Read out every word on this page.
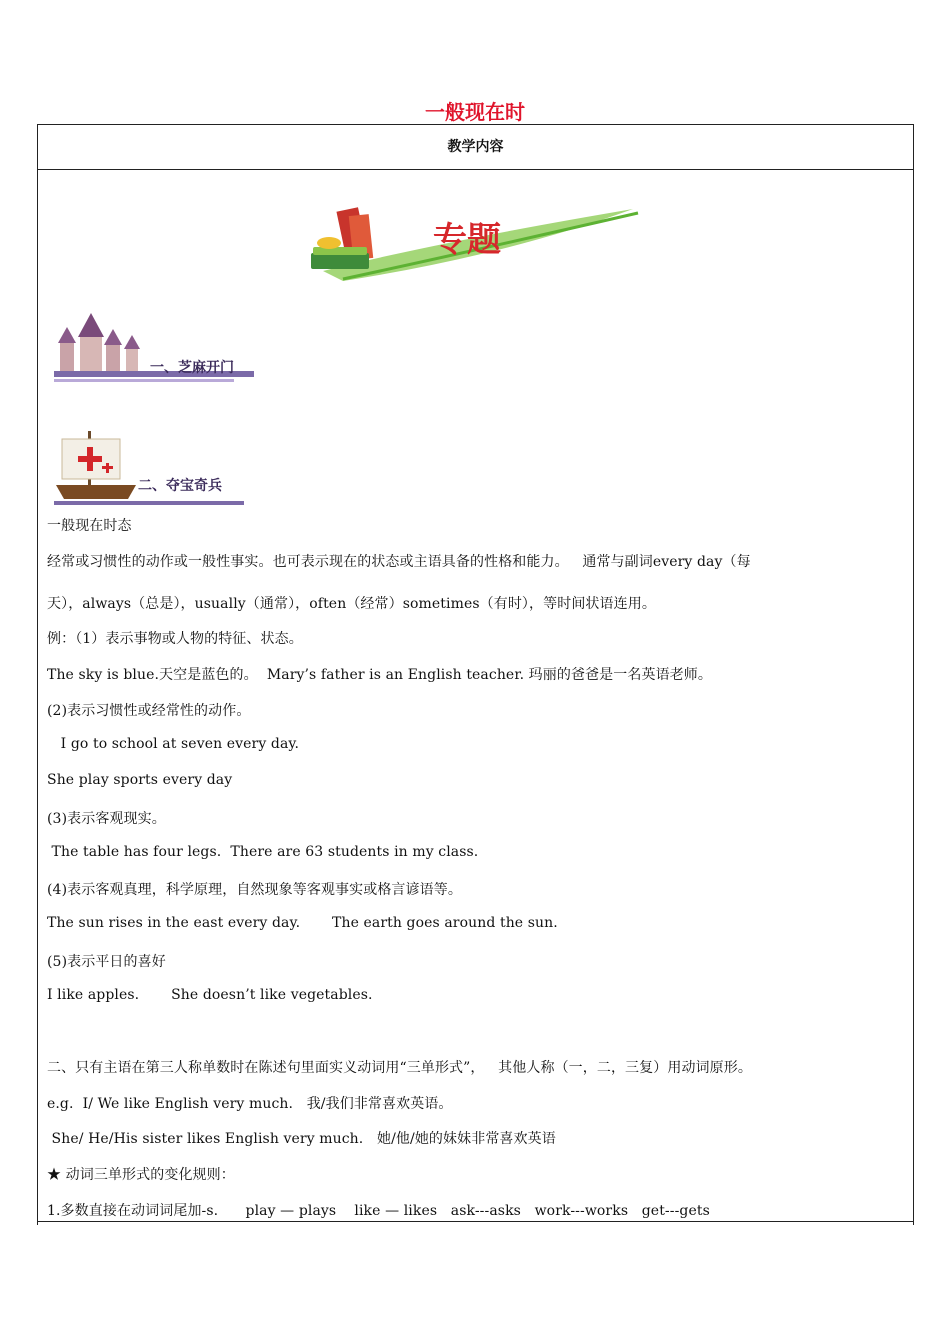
一般现在时
教学内容
专题
一、芝麻开门
二、夺宝奇兵
一般现在时态
经常或习惯性的动作或一般性事实。也可表示现在的状态或主语具备的性格和能力。   通常与副词every day（每
天），always（总是），usually（通常），often（经常）sometimes（有时），等时间状语连用。
例：（1）表示事物或人物的特征、状态。
The sky is blue.天空是蓝色的。  Mary’s father is an English teacher. 玛丽的爸爸是一名英语老师。
(2)表示习惯性或经常性的动作。
I go to school at seven every day.
She play sports every day
(3)表示客观现实。
The table has four legs.  There are 63 students in my class.
(4)表示客观真理，科学原理，自然现象等客观事实或格言谚语等。
The sun rises in the east every day.       The earth goes around the sun.
(5)表示平日的喜好
I like apples.       She doesn’t like vegetables.
二、只有主语在第三人称单数时在陈述句里面实义动词用“三单形式”，   其他人称（一，二，三复）用动词原形。
e.g.  I/ We like English very much.   我/我们非常喜欢英语。
She/ He/His sister likes English very much.   她/他/她的妹妹非常喜欢英语
★ 动词三单形式的变化规则：
1.多数直接在动词词尾加-s.      play — plays    like — likes   ask---asks   work---works   get---gets
